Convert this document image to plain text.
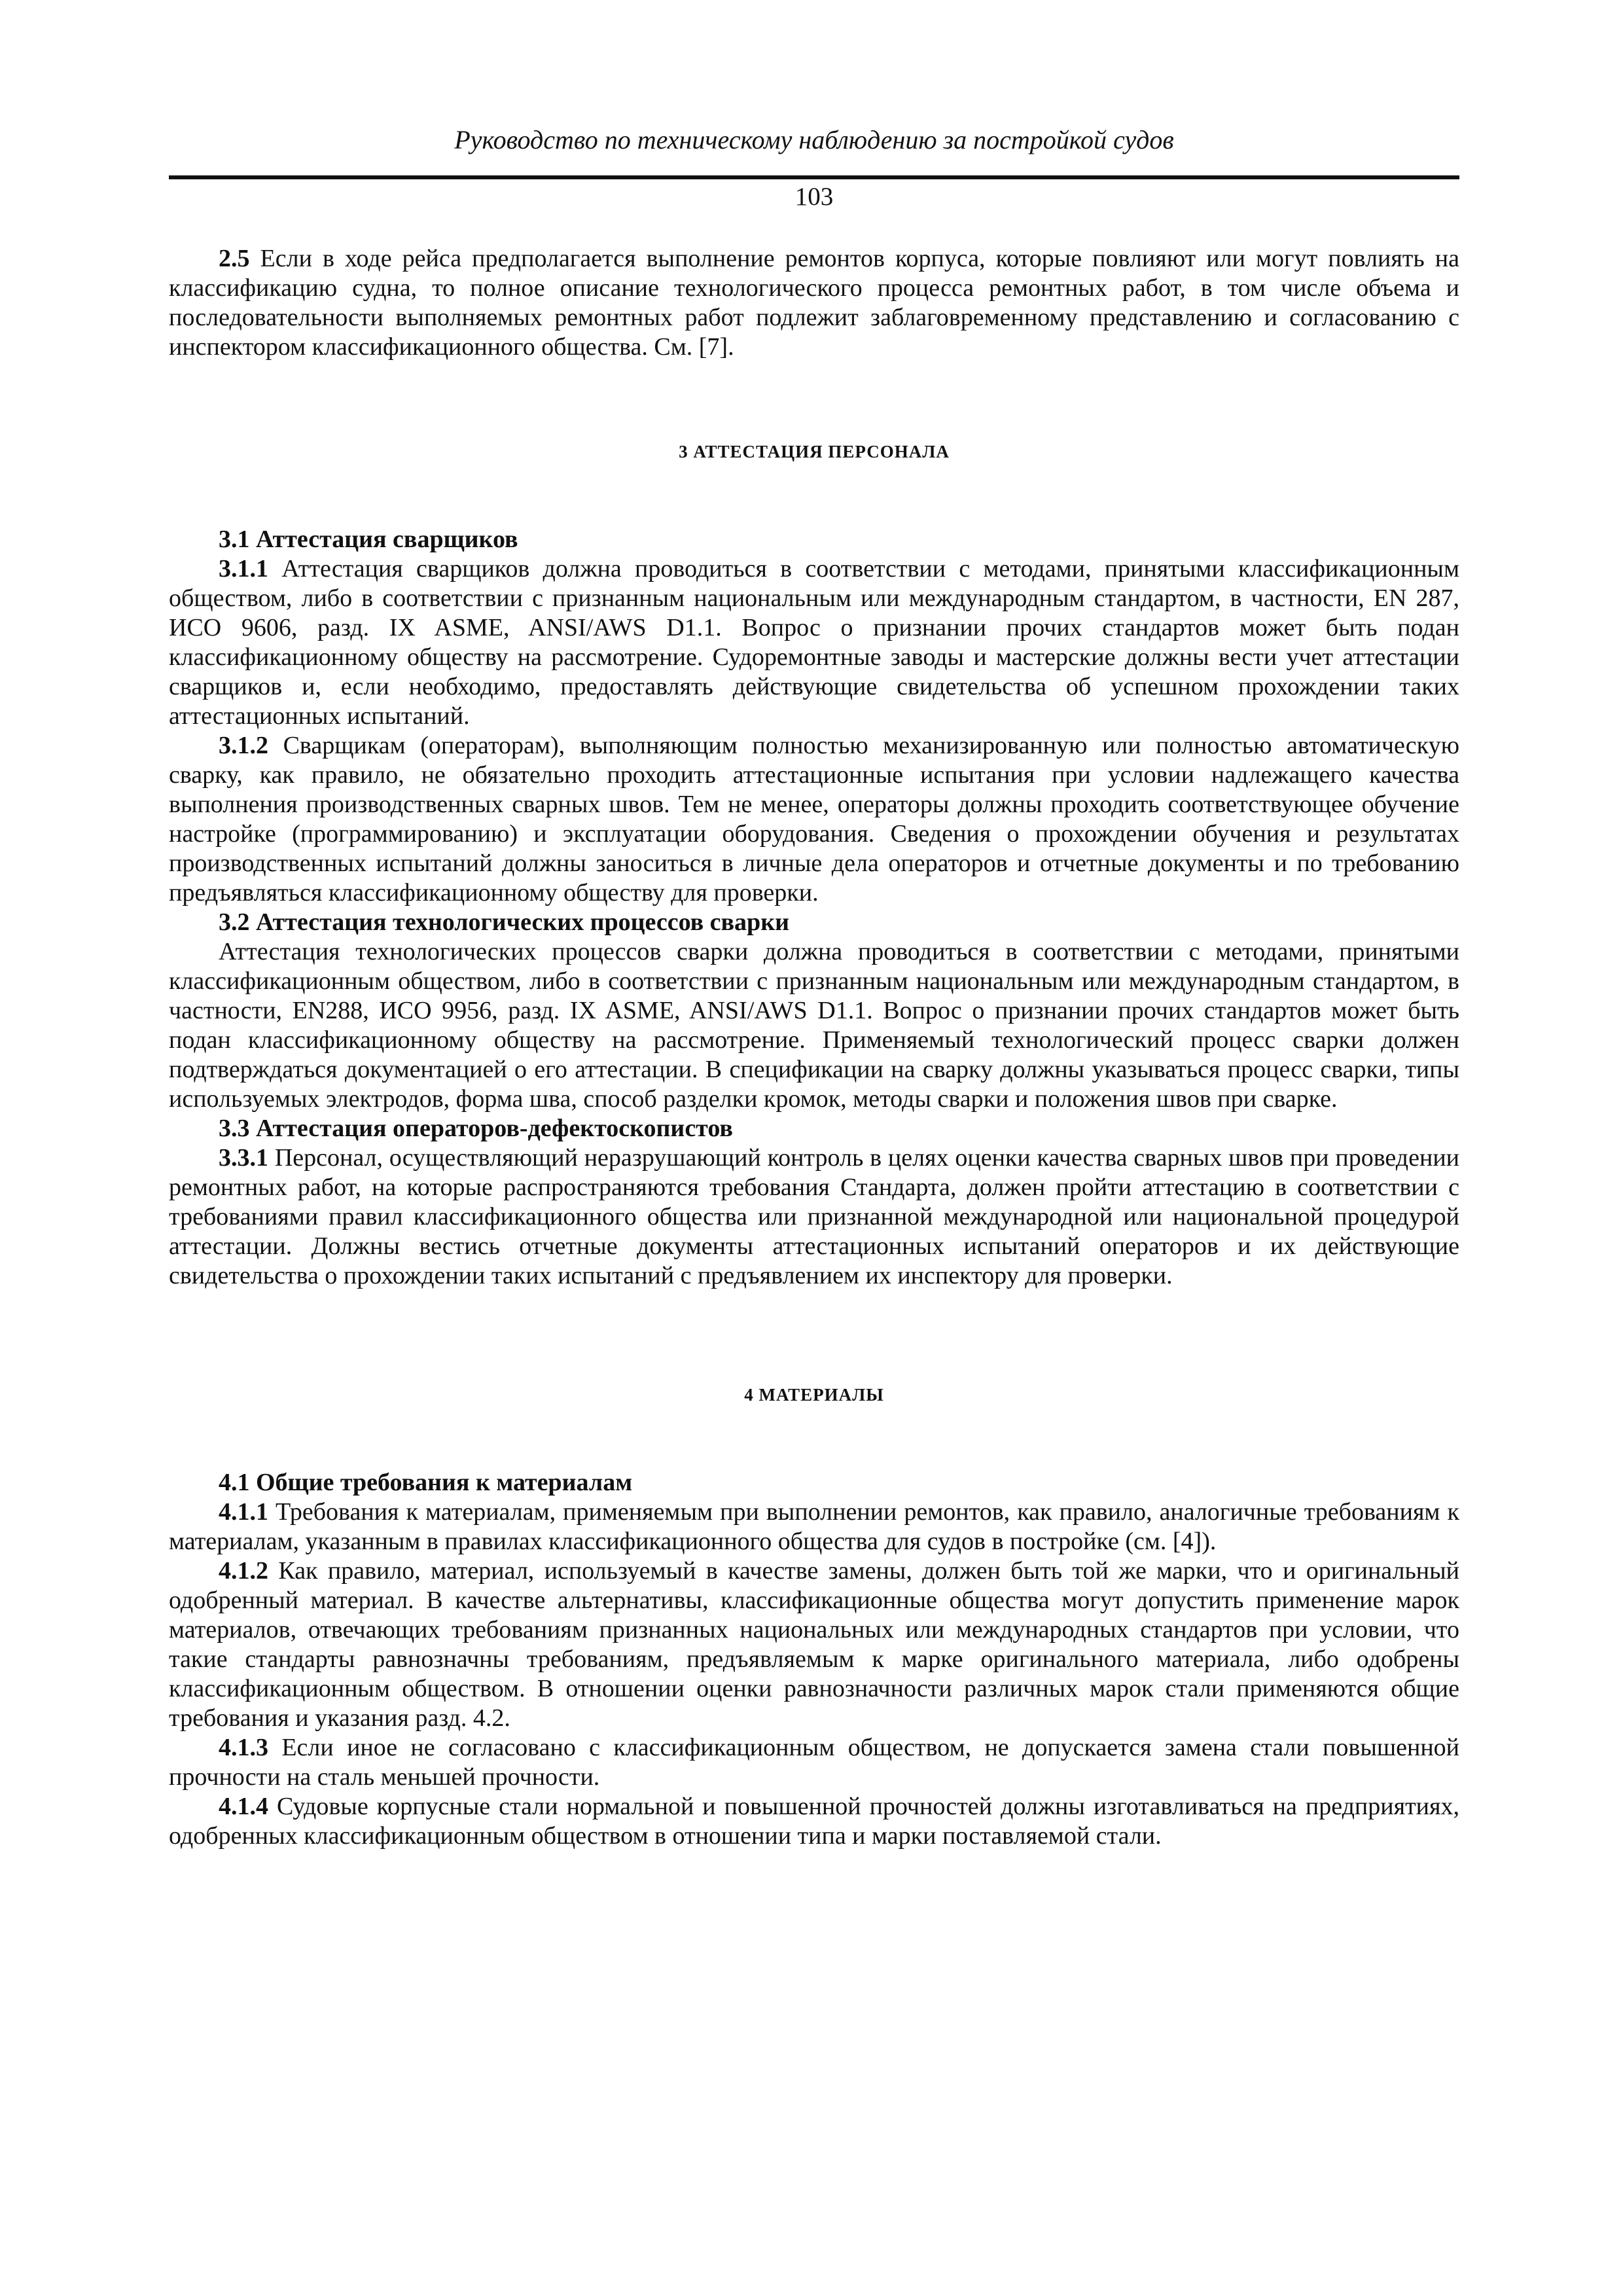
Руководство по техническому наблюдению за постройкой судов

103

2.5 Если в ходе рейса предполагается выполнение ремонтов корпуса, которые повлияют или могут повлиять на классификацию судна, то полное описание технологического процесса ремонтных работ, в том числе объема и последовательности выполняемых ремонтных работ подлежит заблаговременному представлению и согласованию с инспектором классификационного общества. См. [7].

3 АТТЕСТАЦИЯ ПЕРСОНАЛА

3.1 Аттестация сварщиков

3.1.1 Аттестация сварщиков должна проводиться в соответствии с методами, принятыми классификационным обществом, либо в соответствии с признанным национальным или международным стандартом, в частности, EN 287, ИСО 9606, разд. IX ASME, ANSI/AWS D1.1. Вопрос о признании прочих стандартов может быть подан классификационному обществу на рассмотрение. Судоремонтные заводы и мастерские должны вести учет аттестации сварщиков и, если необходимо, предоставлять действующие свидетельства об успешном прохождении таких аттестационных испытаний.

3.1.2 Сварщикам (операторам), выполняющим полностью механизированную или полностью автоматическую сварку, как правило, не обязательно проходить аттестационные испытания при условии надлежащего качества выполнения производственных сварных швов. Тем не менее, операторы должны проходить соответствующее обучение настройке (программированию) и эксплуатации оборудования. Сведения о прохождении обучения и результатах производственных испытаний должны заноситься в личные дела операторов и отчетные документы и по требованию предъявляться классификационному обществу для проверки.

3.2 Аттестация технологических процессов сварки

Аттестация технологических процессов сварки должна проводиться в соответствии с методами, принятыми классификационным обществом, либо в соответствии с признанным национальным или международным стандартом, в частности, EN288, ИСО 9956, разд. IX ASME, ANSI/AWS D1.1. Вопрос о признании прочих стандартов может быть подан классификационному обществу на рассмотрение. Применяемый технологический процесс сварки должен подтверждаться документацией о его аттестации. В спецификации на сварку должны указываться процесс сварки, типы используемых электродов, форма шва, способ разделки кромок, методы сварки и положения швов при сварке.

3.3 Аттестация операторов-дефектоскопистов

3.3.1 Персонал, осуществляющий неразрушающий контроль в целях оценки качества сварных швов при проведении ремонтных работ, на которые распространяются требования Стандарта, должен пройти аттестацию в соответствии с требованиями правил классификационного общества или признанной международной или национальной процедурой аттестации. Должны вестись отчетные документы аттестационных испытаний операторов и их действующие свидетельства о прохождении таких испытаний с предъявлением их инспектору для проверки.

4 МАТЕРИАЛЫ

4.1 Общие требования к материалам

4.1.1 Требования к материалам, применяемым при выполнении ремонтов, как правило, аналогичные требованиям к материалам, указанным в правилах классификационного общества для судов в постройке (см. [4]).

4.1.2 Как правило, материал, используемый в качестве замены, должен быть той же марки, что и оригинальный одобренный материал. В качестве альтернативы, классификационные общества могут допустить применение марок материалов, отвечающих требованиям признанных национальных или международных стандартов при условии, что такие стандарты равнозначны требованиям, предъявляемым к марке оригинального материала, либо одобрены классификационным обществом. В отношении оценки равнозначности различных марок стали применяются общие требования и указания разд. 4.2.

4.1.3 Если иное не согласовано с классификационным обществом, не допускается замена стали повышенной прочности на сталь меньшей прочности.

4.1.4 Судовые корпусные стали нормальной и повышенной прочностей должны изготавливаться на предприятиях, одобренных классификационным обществом в отношении типа и марки поставляемой стали.
